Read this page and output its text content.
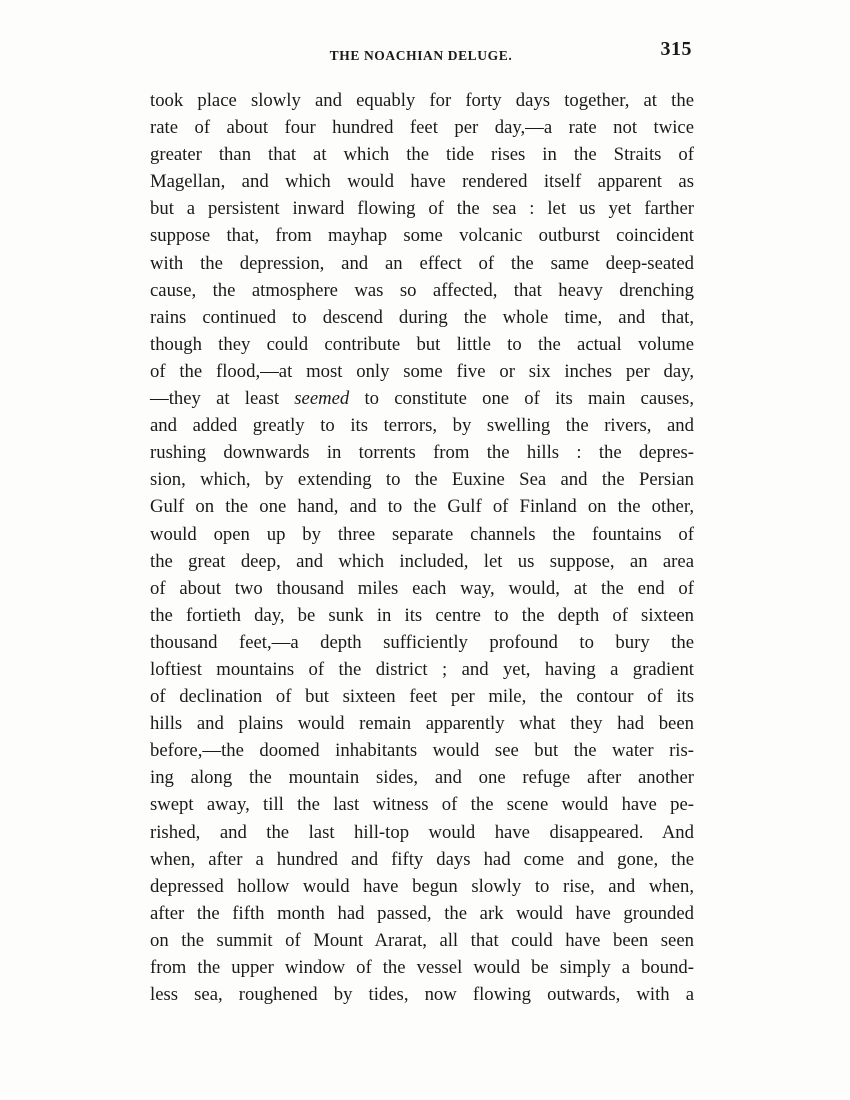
THE NOACHIAN DELUGE.	315
took place slowly and equably for forty days together, at the
rate of about four hundred feet per day,—a rate not twice
greater than that at which the tide rises in the Straits of
Magellan, and which would have rendered itself apparent as
but a persistent inward flowing of the sea : let us yet farther
suppose that, from mayhap some volcanic outburst coincident
with the depression, and an effect of the same deep-seated
cause, the atmosphere was so affected, that heavy drenching
rains continued to descend during the whole time, and that,
though they could contribute but little to the actual volume
of the flood,—at most only some five or six inches per day,
—they at least seemed to constitute one of its main causes,
and added greatly to its terrors, by swelling the rivers, and
rushing downwards in torrents from the hills : the depres-
sion, which, by extending to the Euxine Sea and the Persian
Gulf on the one hand, and to the Gulf of Finland on the other,
would open up by three separate channels the fountains of
the great deep, and which included, let us suppose, an area
of about two thousand miles each way, would, at the end of
the fortieth day, be sunk in its centre to the depth of sixteen
thousand feet,—a depth sufficiently profound to bury the
loftiest mountains of the district ; and yet, having a gradient
of declination of but sixteen feet per mile, the contour of its
hills and plains would remain apparently what they had been
before,—the doomed inhabitants would see but the water ris-
ing along the mountain sides, and one refuge after another
swept away, till the last witness of the scene would have pe-
rished, and the last hill-top would have disappeared. And
when, after a hundred and fifty days had come and gone, the
depressed hollow would have begun slowly to rise, and when,
after the fifth month had passed, the ark would have grounded
on the summit of Mount Ararat, all that could have been seen
from the upper window of the vessel would be simply a bound-
less sea, roughened by tides, now flowing outwards, with a
